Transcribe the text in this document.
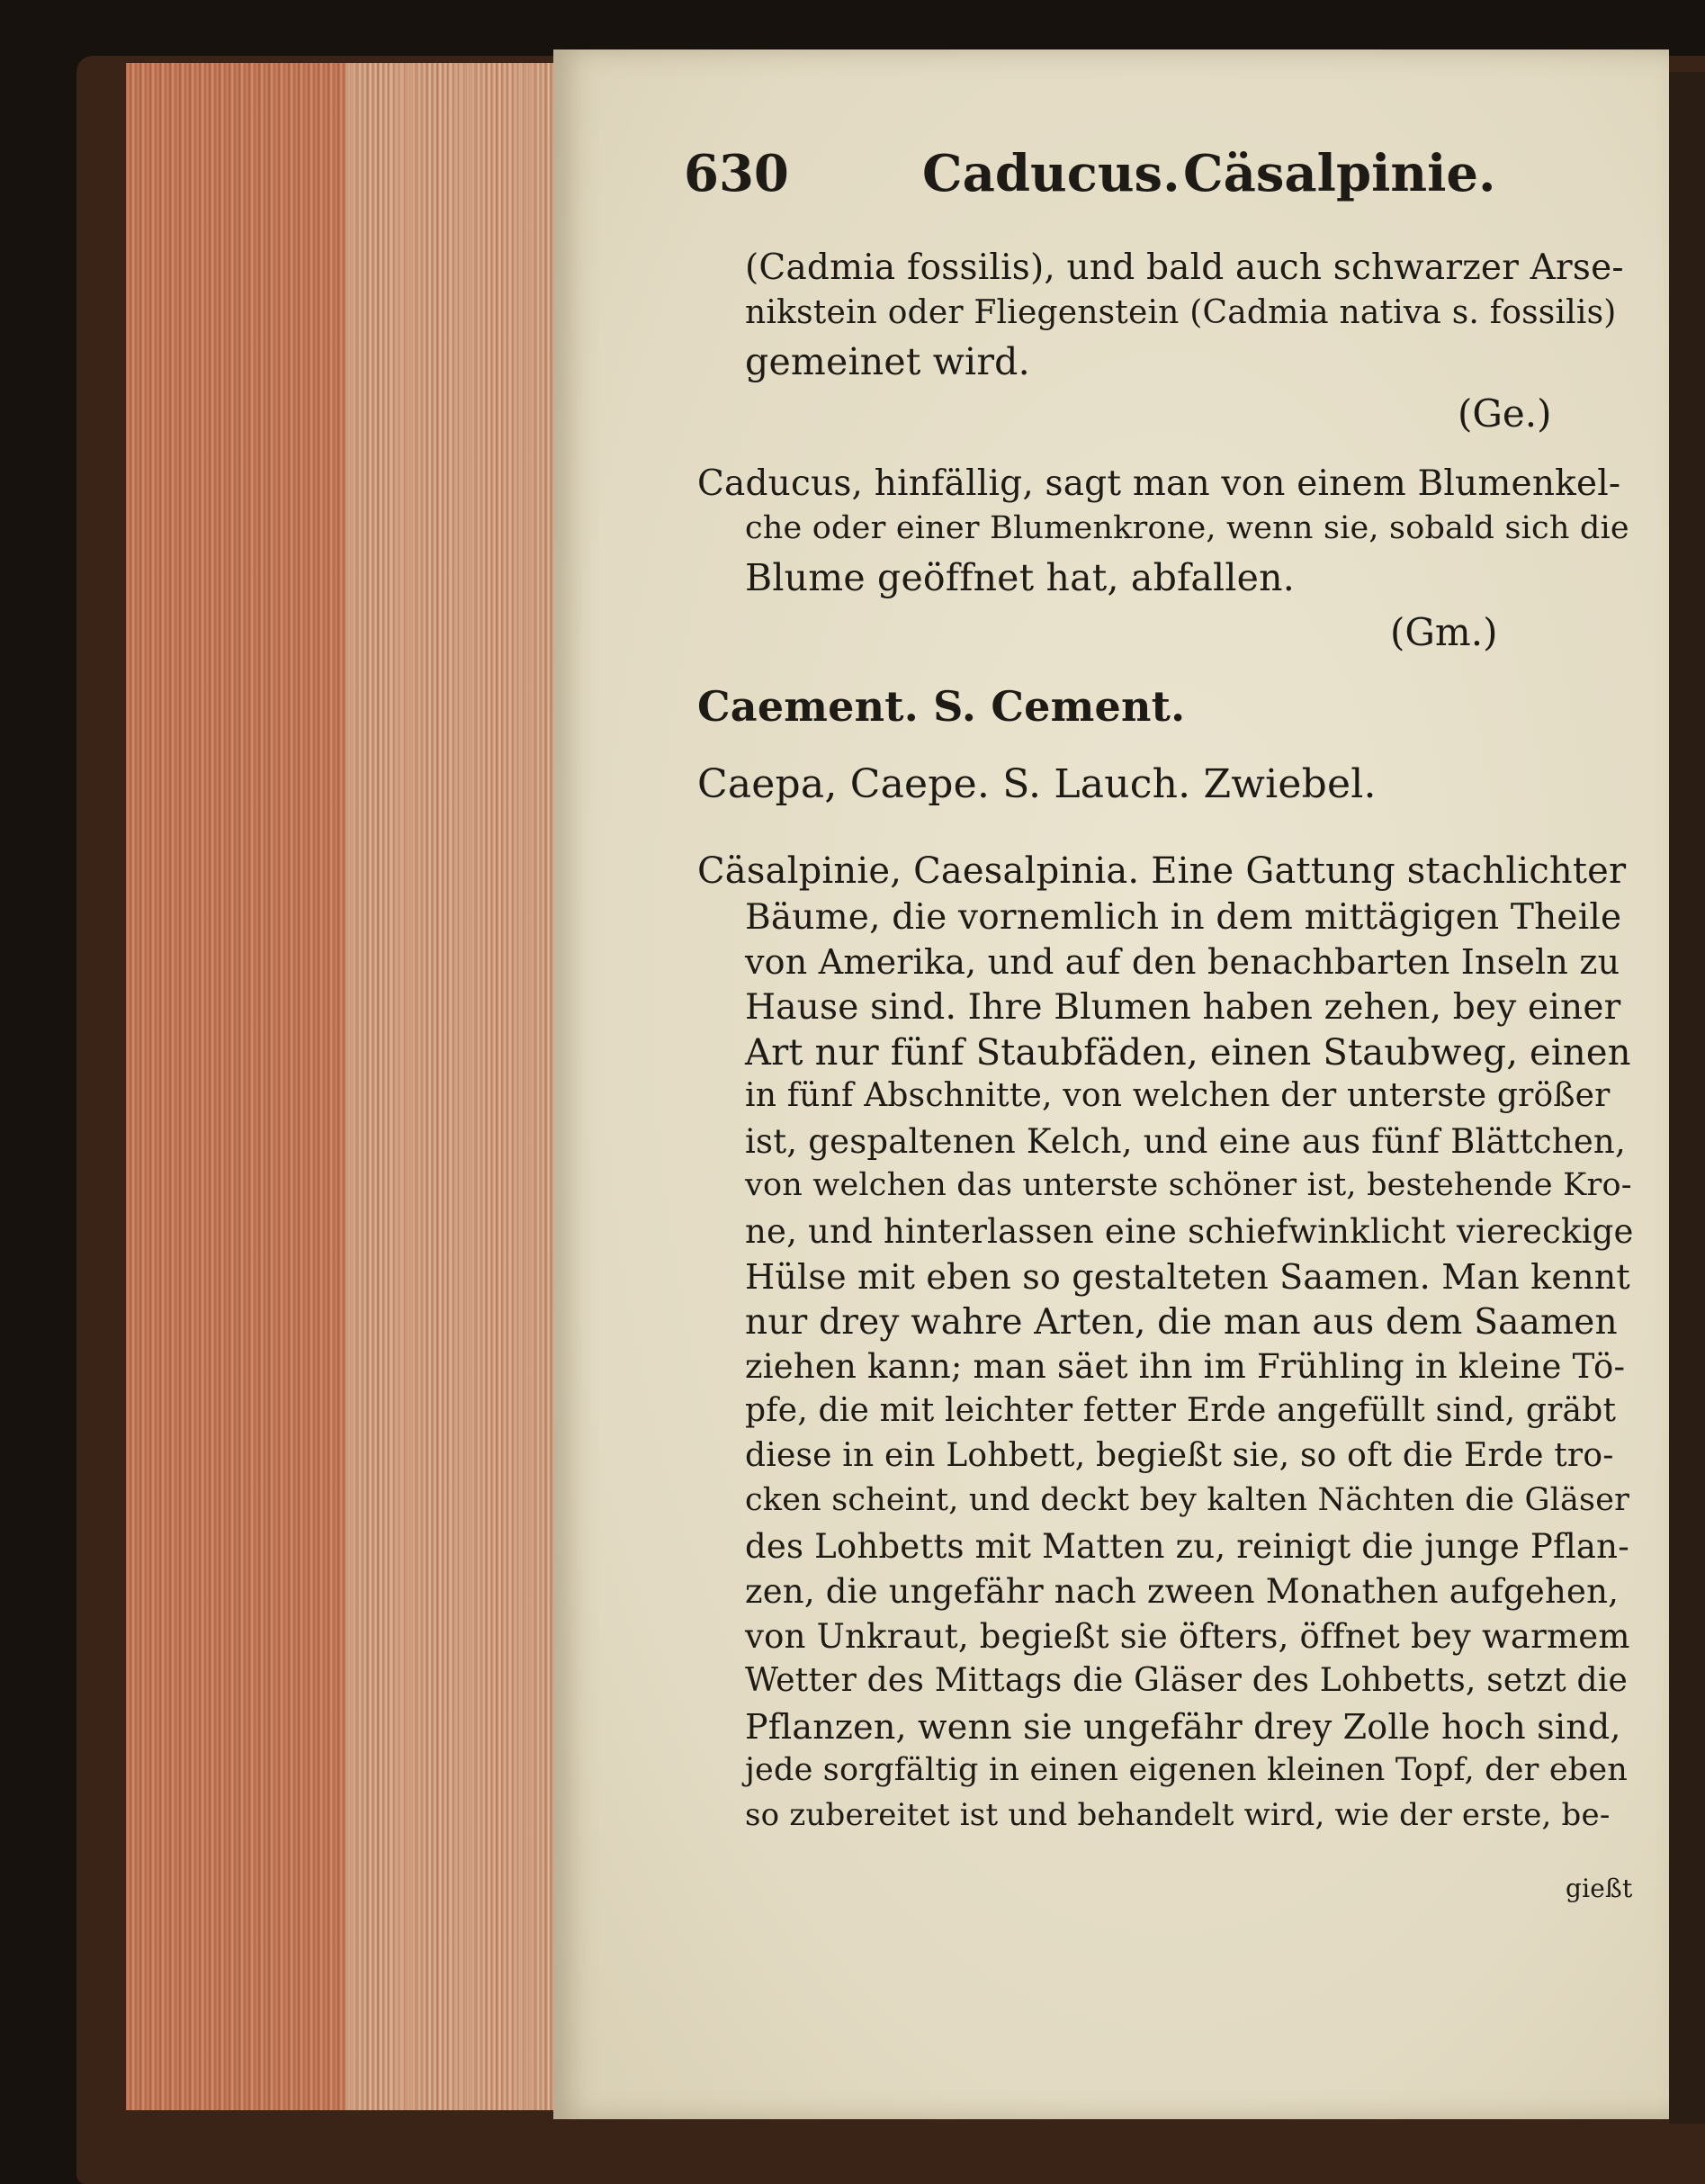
630	Caducus. Cäsalpinie.

(Cadmia fossilis), und bald auch schwarzer Arse-

nikstein oder Fliegenstein (Cadmia nativa s. fossilis)

gemeinet wird.

(Ge.)

Caducus, hinfällig, sagt man von einem Blumenkel-

che oder einer Blumenkrone, wenn sie, sobald sich die

Blume geöffnet hat, abfallen.

(Gm.)

Caement. S. Cement.

Caepa, Caepe. S. Lauch. Zwiebel.

Cäsalpinie, Caesalpinia. Eine Gattung stachlichter

Bäume, die vornemlich in dem mittägigen Theile

von Amerika, und auf den benachbarten Inseln zu

Hause sind. Ihre Blumen haben zehen, bey einer

Art nur fünf Staubfäden, einen Staubweg, einen

in fünf Abschnitte, von welchen der unterste größer

ist, gespaltenen Kelch, und eine aus fünf Blättchen,

von welchen das unterste schöner ist, bestehende Kro-

ne, und hinterlassen eine schiefwinklicht viereckige

Hülse mit eben so gestalteten Saamen. Man kennt

nur drey wahre Arten, die man aus dem Saamen

ziehen kann; man säet ihn im Frühling in kleine Tö-

pfe, die mit leichter fetter Erde angefüllt sind, gräbt

diese in ein Lohbett, begießt sie, so oft die Erde tro-

cken scheint, und deckt bey kalten Nächten die Gläser

des Lohbetts mit Matten zu, reinigt die junge Pflan-

zen, die ungefähr nach zween Monathen aufgehen,

von Unkraut, begießt sie öfters, öffnet bey warmem

Wetter des Mittags die Gläser des Lohbetts, setzt die

Pflanzen, wenn sie ungefähr drey Zolle hoch sind,

jede sorgfältig in einen eigenen kleinen Topf, der eben

so zubereitet ist und behandelt wird, wie der erste, be-

gießt
